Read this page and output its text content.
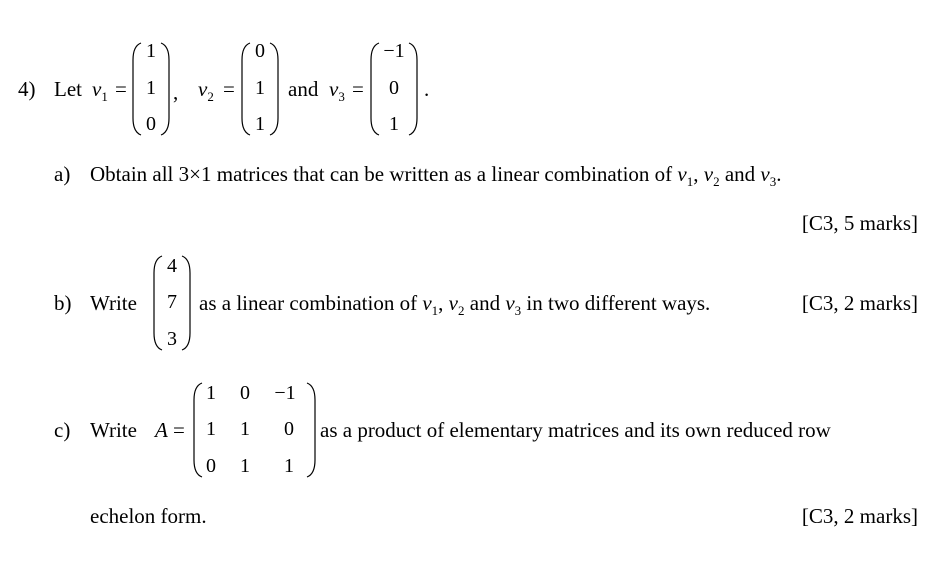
4) Let $v_1$ =
1
1
0
, $v_2$ =
0
1
1
and $v_3$ =
−1
0
1
.
a) Obtain all 3×1 matrices that can be written as a linear combination of $v_1$, $v_2$ and $v_3$.
[C3, 5 marks]
b) Write
4
7
3
as a linear combination of $v_1$, $v_2$ and $v_3$ in two different ways.	[C3, 2 marks]
c) Write A =
1	0	−1
1	1	0
0	1	1
as a product of elementary matrices and its own reduced row
echelon form.	[C3, 2 marks]
